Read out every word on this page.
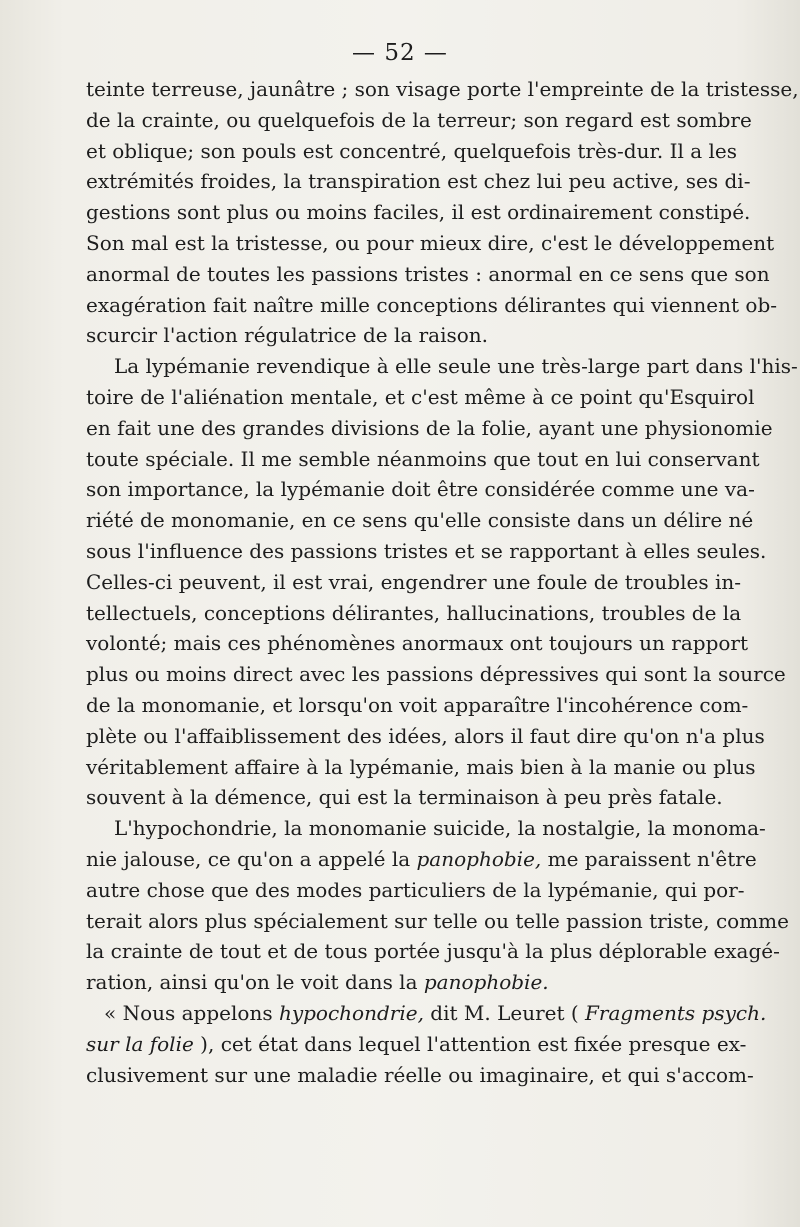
— 52 —
teinte terreuse, jaunâtre ; son visage porte l'empreinte de la tristesse,
de la crainte, ou quelquefois de la terreur; son regard est sombre
et oblique; son pouls est concentré, quelquefois très-dur. Il a les
extrémités froides, la transpiration est chez lui peu active, ses di-
gestions sont plus ou moins faciles, il est ordinairement constipé.
Son mal est la tristesse, ou pour mieux dire, c'est le développement
anormal de toutes les passions tristes : anormal en ce sens que son
exagération fait naître mille conceptions délirantes qui viennent ob-
scurcir l'action régulatrice de la raison.
La lypémanie revendique à elle seule une très-large part dans l'his-
toire de l'aliénation mentale, et c'est même à ce point qu'Esquirol
en fait une des grandes divisions de la folie, ayant une physionomie
toute spéciale. Il me semble néanmoins que tout en lui conservant
son importance, la lypémanie doit être considérée comme une va-
riété de monomanie, en ce sens qu'elle consiste dans un délire né
sous l'influence des passions tristes et se rapportant à elles seules.
Celles-ci peuvent, il est vrai, engendrer une foule de troubles in-
tellectuels, conceptions délirantes, hallucinations, troubles de la
volonté; mais ces phénomènes anormaux ont toujours un rapport
plus ou moins direct avec les passions dépressives qui sont la source
de la monomanie, et lorsqu'on voit apparaître l'incohérence com-
plète ou l'affaiblissement des idées, alors il faut dire qu'on n'a plus
véritablement affaire à la lypémanie, mais bien à la manie ou plus
souvent à la démence, qui est la terminaison à peu près fatale.
L'hypochondrie, la monomanie suicide, la nostalgie, la monoma-
nie jalouse, ce qu'on a appelé la panophobie, me paraissent n'être
autre chose que des modes particuliers de la lypémanie, qui por-
terait alors plus spécialement sur telle ou telle passion triste, comme
la crainte de tout et de tous portée jusqu'à la plus déplorable exagé-
ration, ainsi qu'on le voit dans la panophobie.
« Nous appelons hypochondrie, dit M. Leuret ( Fragments psych.
sur la folie ), cet état dans lequel l'attention est fixée presque ex-
clusivement sur une maladie réelle ou imaginaire, et qui s'accom-
